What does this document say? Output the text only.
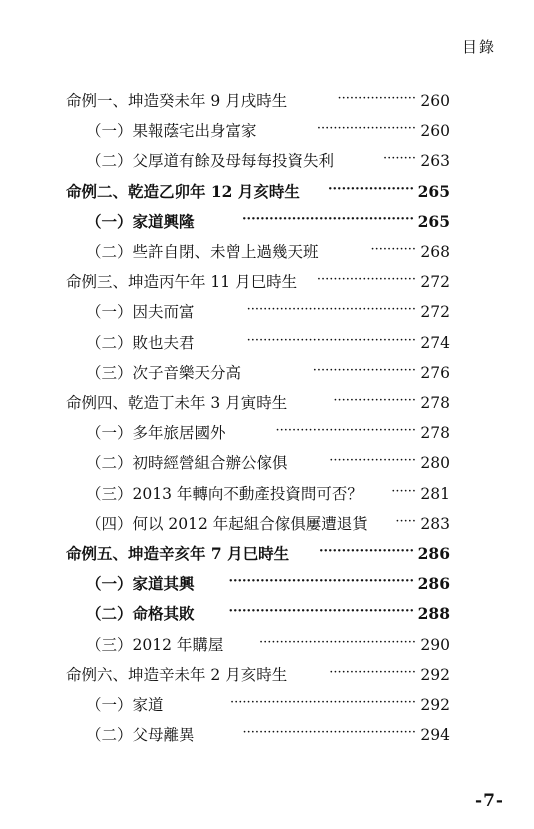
目錄
命例一、坤造癸未年 9 月戌時生	··················· 260
（一）果報蔭宅出身富家	························ 260
（二）父厚道有餘及母每每投資失利	········ 263
命例二、乾造乙卯年 12 月亥時生	··················· 265
（一）家道興隆	······································ 265
（二）些許自閉、未曾上過幾天班	··········· 268
命例三、坤造丙午年 11 月巳時生	························ 272
（一）因夫而富	········································· 272
（二）敗也夫君	········································· 274
（三）次子音樂天分高	························· 276
命例四、乾造丁未年 3 月寅時生	···················· 278
（一）多年旅居國外	·································· 278
（二）初時經營組合辦公傢俱	····················· 280
（三）2013 年轉向不動產投資問可否？	······ 281
（四）何以 2012 年起組合傢俱屢遭退貨	····· 283
命例五、坤造辛亥年 7 月巳時生	····················· 286
（一）家道其興	········································· 286
（二）命格其敗	········································· 288
（三）2012 年購屋	······································ 290
命例六、坤造辛未年 2 月亥時生	····················· 292
（一）家道	············································· 292
（二）父母離異	·········································· 294
-7-
